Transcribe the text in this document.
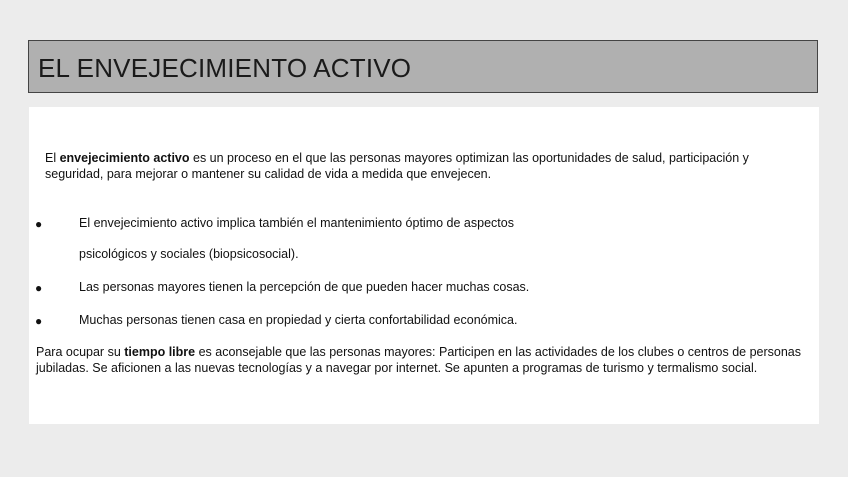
EL ENVEJECIMIENTO ACTIVO
El envejecimiento activo es un proceso en el que las personas mayores optimizan las oportunidades de salud, participación y seguridad, para mejorar o mantener su calidad de vida a medida que envejecen.
●	El envejecimiento activo implica también el mantenimiento óptimo de aspectos
psicológicos y sociales (biopsicosocial).
●	Las personas mayores tienen la percepción de que pueden hacer muchas cosas.
●	Muchas personas tienen casa en propiedad y cierta confortabilidad económica.
Para ocupar su tiempo libre es aconsejable que las personas mayores: Participen en las actividades de los clubes o centros de personas jubiladas. Se aficionen a las nuevas tecnologías y a navegar por internet. Se apunten a programas de turismo y termalismo social.
